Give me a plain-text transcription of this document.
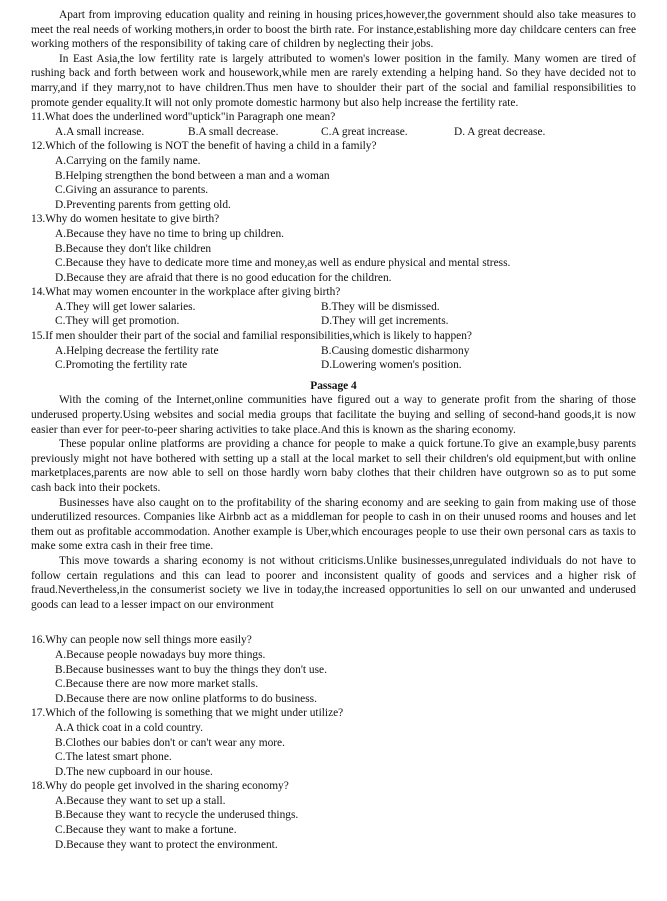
Apart from improving education quality and reining in housing prices,however,the government should also take measures to meet the real needs of working mothers,in order to boost the birth rate. For instance,establishing more day childcare centers can free working mothers of the responsibility of taking care of children by neglecting their jobs.

In East Asia,the low fertility rate is largely attributed to women's lower position in the family. Many women are tired of rushing back and forth between work and housework,while men are rarely extending a helping hand. So they have decided not to marry,and if they marry,not to have children.Thus men have to shoulder their part of the social and familial responsibilities to promote gender equality.It will not only promote domestic harmony but also help increase the fertility rate.

11.What does the underlined word"uptick"in Paragraph one mean?
A.A small increase.	B.A small decrease.	C.A great increase.	D. A great decrease.
12.Which of the following is NOT the benefit of having a child in a family?
A.Carrying on the family name.
B.Helping strengthen the bond between a man and a woman
C.Giving an assurance to parents.
D.Preventing parents from getting old.
13.Why do women hesitate to give birth?
A.Because they have no time to bring up children.
B.Because they don't like children
C.Because they have to dedicate more time and money,as well as endure physical and mental stress.
D.Because they are afraid that there is no good education for the children.
14.What may women encounter in the workplace after giving birth?
A.They will get lower salaries.	B.They will be dismissed.
C.They will get promotion.	D.They will get increments.
15.If men shoulder their part of the social and familial responsibilities,which is likely to happen?
A.Helping decrease the fertility rate	B.Causing domestic disharmony
C.Promoting the fertility rate	D.Lowering women's position.
Passage 4

With the coming of the Internet,online communities have figured out a way to generate profit from the sharing of those underused property.Using websites and social media groups that facilitate the buying and selling of second-hand goods,it is now easier than ever for peer-to-peer sharing activities to take place.And this is known as the sharing economy.

These popular online platforms are providing a chance for people to make a quick fortune.To give an example,busy parents previously might not have bothered with setting up a stall at the local market to sell their children's old equipment,but with online marketplaces,parents are now able to sell on those hardly worn baby clothes that their children have outgrown so as to put some cash back into their pockets.

Businesses have also caught on to the profitability of the sharing economy and are seeking to gain from making use of those underutilized resources. Companies like Airbnb act as a middleman for people to cash in on their unused rooms and houses and let them out as profitable accommodation. Another example is Uber,which encourages people to use their own personal cars as taxis to make some extra cash in their free time.

This move towards a sharing economy is not without criticisms.Unlike businesses,unregulated individuals do not have to follow certain regulations and this can lead to poorer and inconsistent quality of goods and services and a higher risk of fraud.Nevertheless,in the consumerist society we live in today,the increased opportunities lo sell on our unwanted and underused goods can lead to a lesser impact on our environment

16.Why can people now sell things more easily?
A.Because people nowadays buy more things.
B.Because businesses want to buy the things they don't use.
C.Because there are now more market stalls.
D.Because there are now online platforms to do business.
17.Which of the following is something that we might under utilize?
A.A thick coat in a cold country.
B.Clothes our babies don't or can't wear any more.
C.The latest smart phone.
D.The new cupboard in our house.
18.Why do people get involved in the sharing economy?
A.Because they want to set up a stall.
B.Because they want to recycle the underused things.
C.Because they want to make a fortune.
D.Because they want to protect the environment.
